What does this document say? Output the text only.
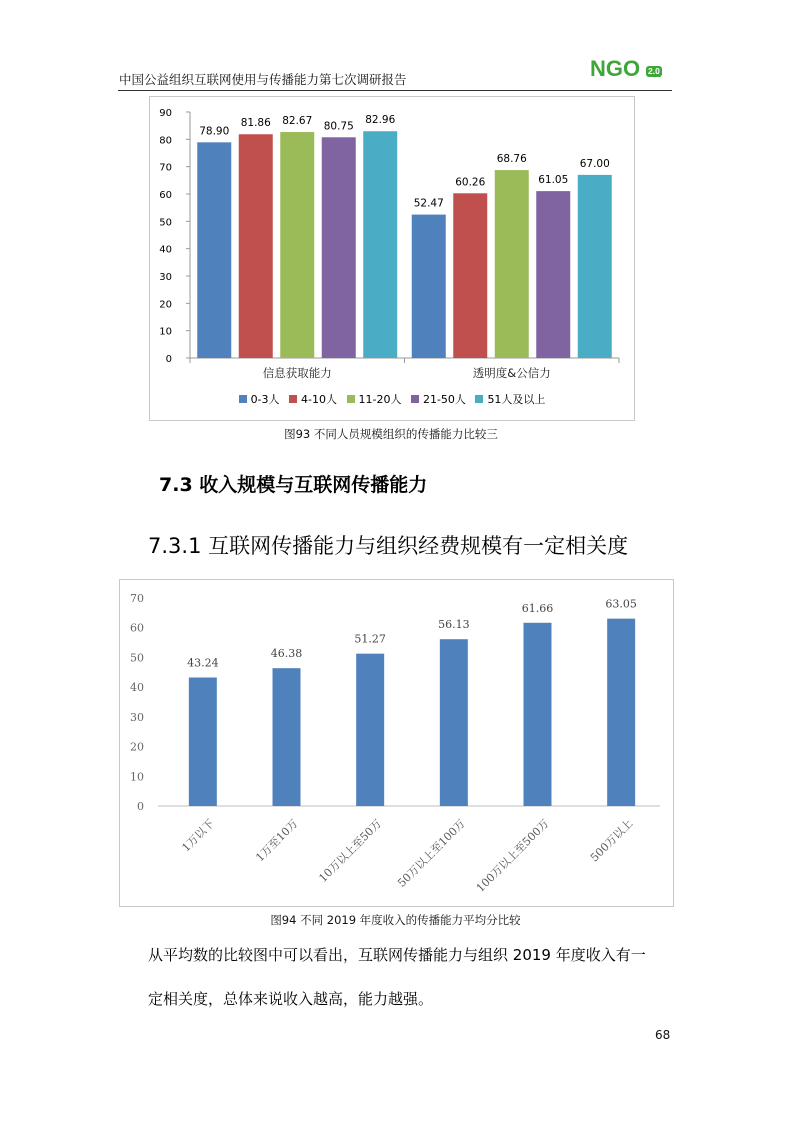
中国公益组织互联网使用与传播能力第七次调研报告	NGO 2.0
0
10
20
30
40
50
60
70
80
90
78.90
81.86 82.67 80.75
82.96
信息获取能力
52.47
60.26
68.76
61.05
67.00
透明度&公信力
0-3人 4-10人 11-20人 21-50人 51人及以上
图93 不同人员规模组织的传播能力比较三
7.3 收入规模与互联网传播能力
7.3.1 互联网传播能力与组织经费规模有一定相关度
0
10
20
30
40
50
60
70
43.24
1万以下
46.38
1万至10万
51.27
10万以上至50万
56.13
50万以上至100万
61.66
100万以上至500万
63.05
500万以上
图94 不同 2019 年度收入的传播能力平均分比较
从平均数的比较图中可以看出，互联网传播能力与组织 2019 年度收入有一
定相关度，总体来说收入越高，能力越强。
68
